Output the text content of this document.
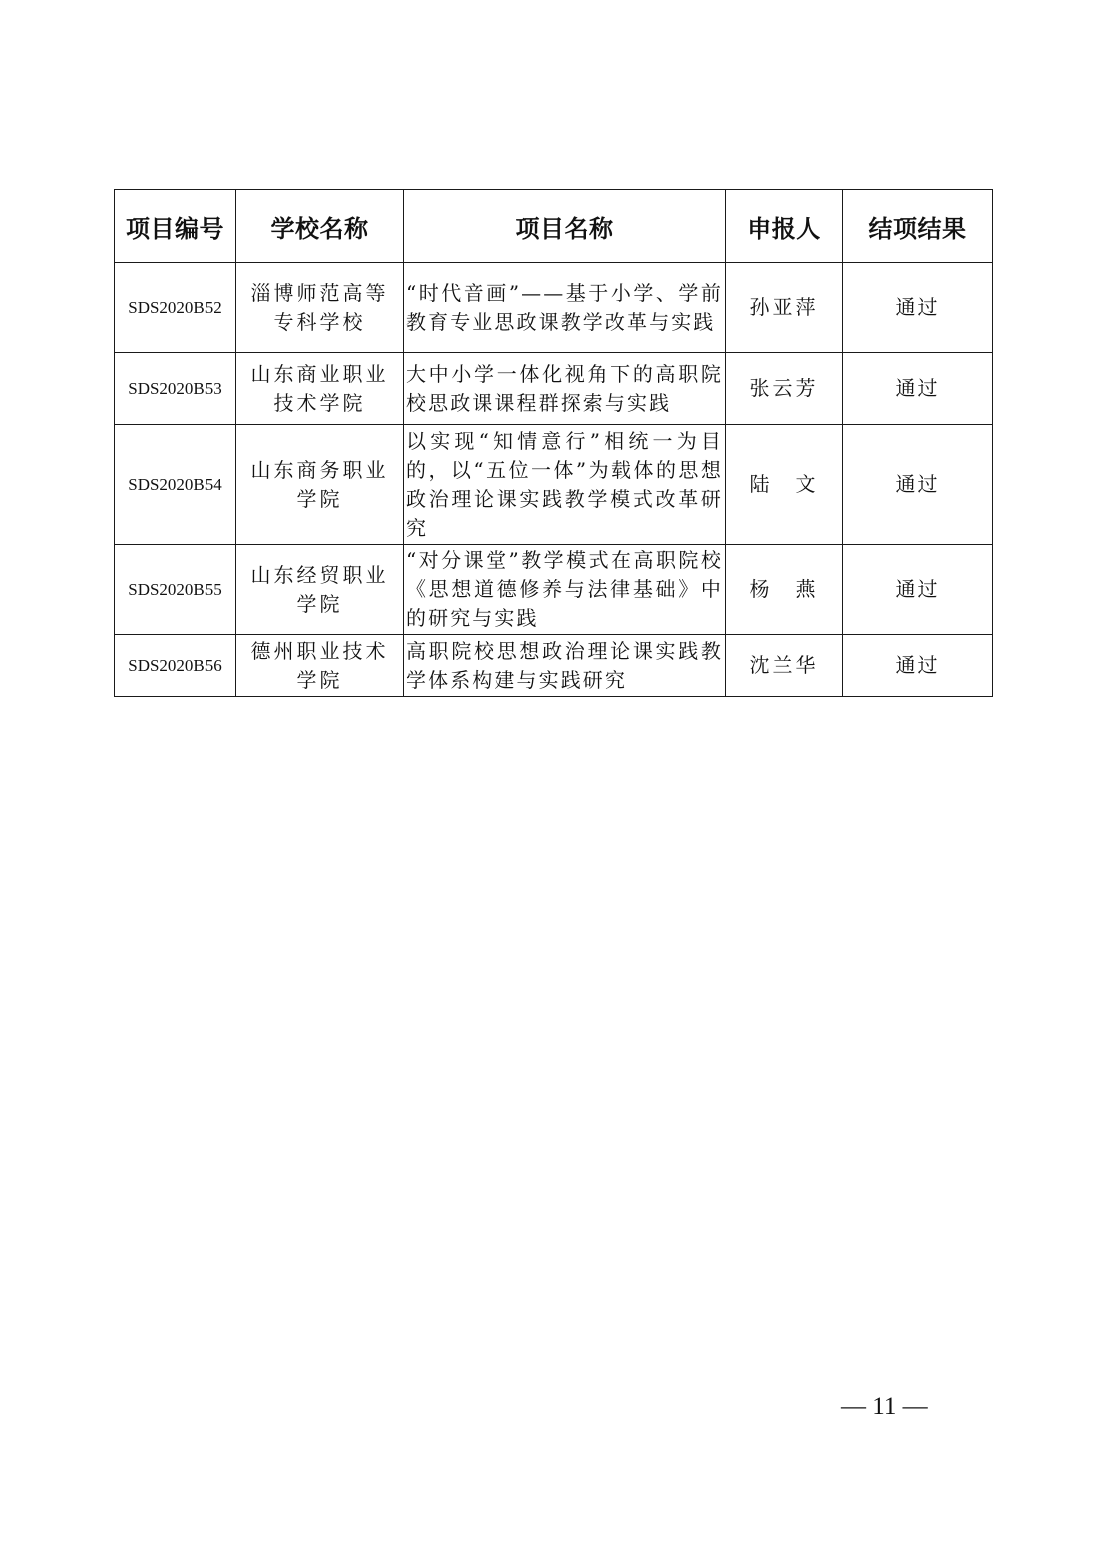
项目编号	学校名称	项目名称	申报人	结项结果
SDS2020B52	淄博师范高等专科学校	“时代音画”——基于小学、学前教育专业思政课教学改革与实践	孙亚萍	通过
SDS2020B53	山东商业职业技术学院	大中小学一体化视角下的高职院校思政课课程群探索与实践	张云芳	通过
SDS2020B54	山东商务职业学院	以实现“知情意行”相统一为目的，以“五位一体”为载体的思想政治理论课实践教学模式改革研究	陆　文	通过
SDS2020B55	山东经贸职业学院	“对分课堂”教学模式在高职院校《思想道德修养与法律基础》中的研究与实践	杨　燕	通过
SDS2020B56	德州职业技术学院	高职院校思想政治理论课实践教学体系构建与实践研究	沈兰华	通过
— 11 —
